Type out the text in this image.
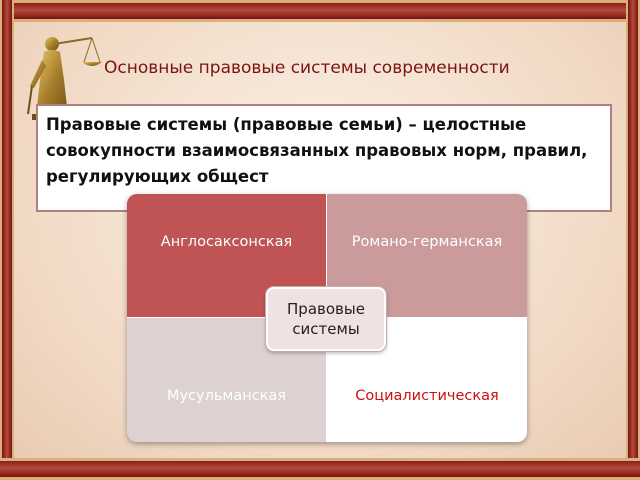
Основные правовые системы современности
Правовые системы (правовые семьи) – целостные совокупности взаимосвязанных правовых норм, правил, регулирующих общест
Англосаксонская	Романо-германская
Мусульманская	Социалистическая
Правовые
системы
